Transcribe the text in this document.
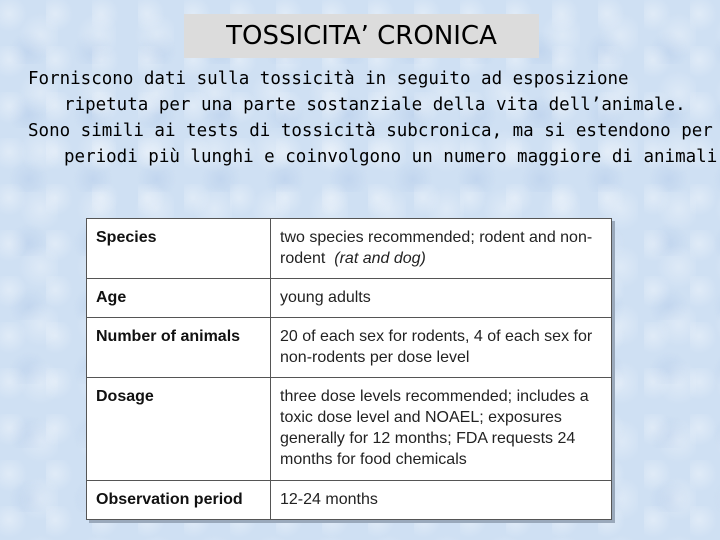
TOSSICITA’ CRONICA

Forniscono dati sulla tossicità in seguito ad esposizione ripetuta per una parte sostanziale della vita dell’animale.

Sono simili ai tests di tossicità subcronica, ma si estendono per periodi più lunghi e coinvolgono un numero maggiore di animali

Species	two species recommended; rodent and non-rodent (rat and dog)
Age	young adults
Number of animals	20 of each sex for rodents, 4 of each sex for non-rodents per dose level
Dosage	three dose levels recommended; includes a toxic dose level and NOAEL; exposures generally for 12 months; FDA requests 24 months for food chemicals
Observation period	12-24 months
